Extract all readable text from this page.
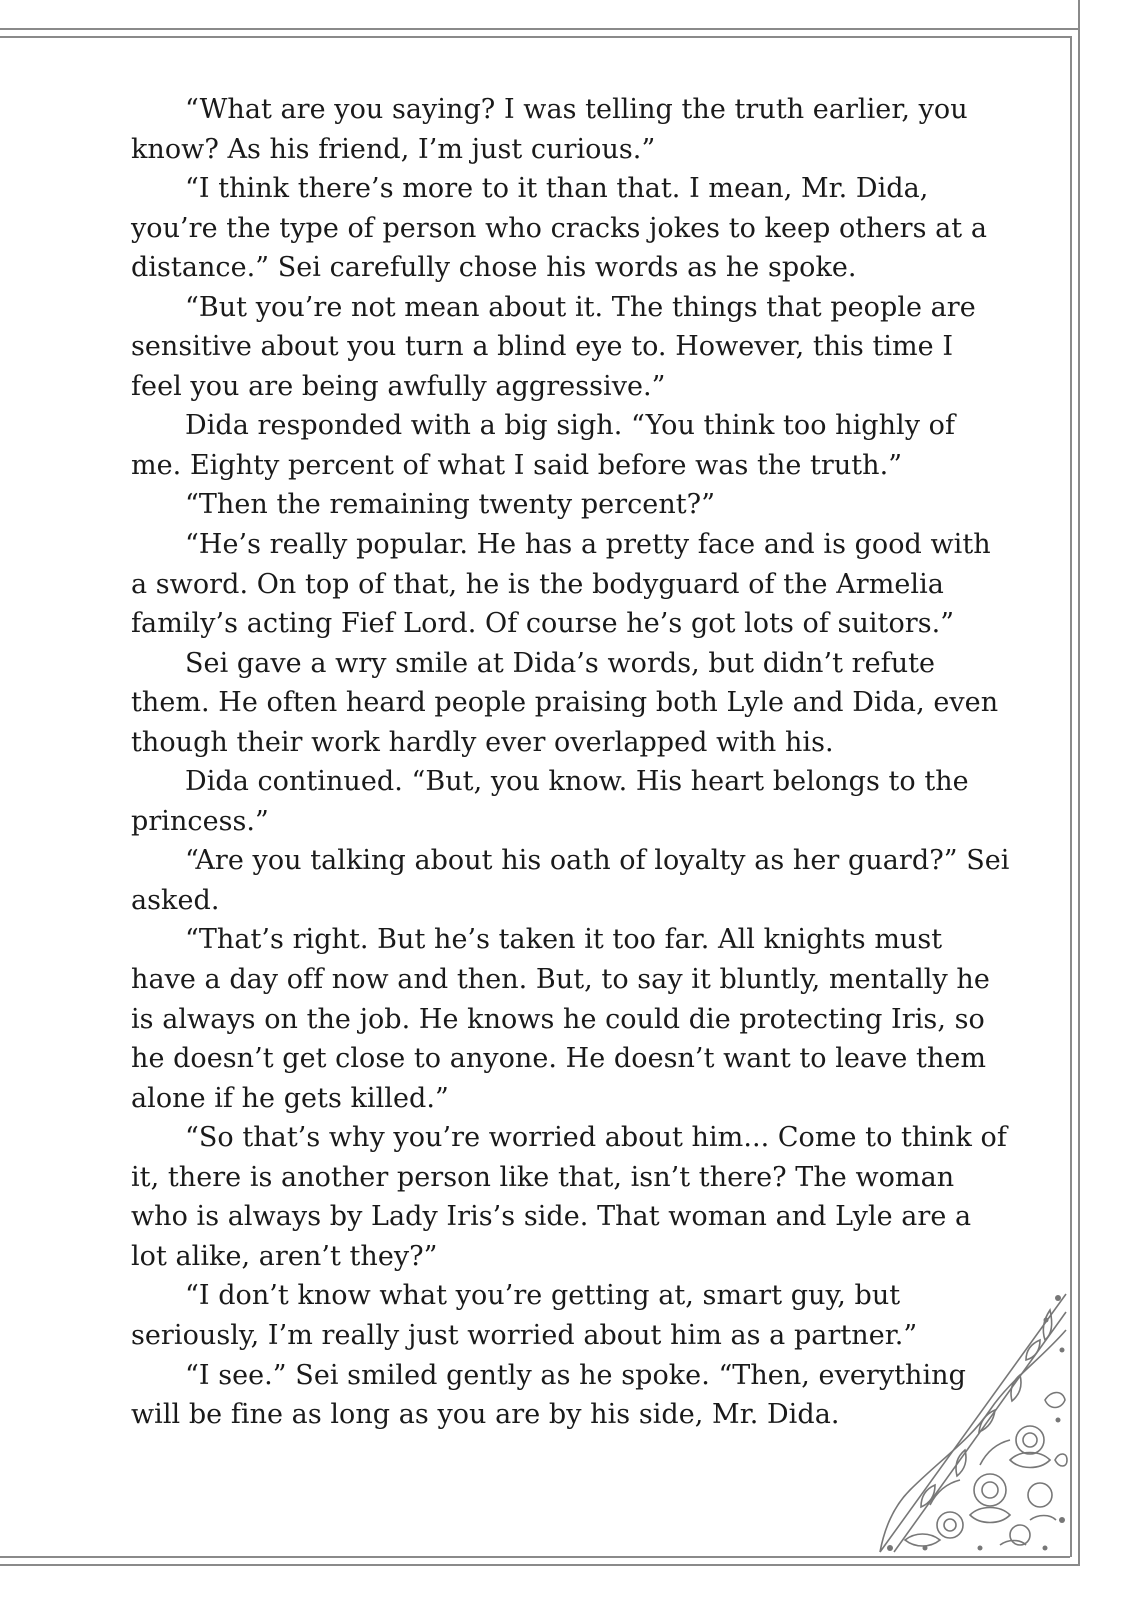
“What are you saying? I was telling the truth earlier, you know? As his friend, I’m just curious.”

“I think there’s more to it than that. I mean, Mr. Dida, you’re the type of person who cracks jokes to keep others at a distance.” Sei carefully chose his words as he spoke.

“But you’re not mean about it. The things that people are sensitive about you turn a blind eye to. However, this time I feel you are being awfully aggressive.”

Dida responded with a big sigh. “You think too highly of me. Eighty percent of what I said before was the truth.”

“Then the remaining twenty percent?”

“He’s really popular. He has a pretty face and is good with a sword. On top of that, he is the bodyguard of the Armelia family’s acting Fief Lord. Of course he’s got lots of suitors.”

Sei gave a wry smile at Dida’s words, but didn’t refute them. He often heard people praising both Lyle and Dida, even though their work hardly ever overlapped with his.

Dida continued. “But, you know. His heart belongs to the princess.”

“Are you talking about his oath of loyalty as her guard?” Sei asked.

“That’s right. But he’s taken it too far. All knights must have a day off now and then. But, to say it bluntly, mentally he is always on the job. He knows he could die protecting Iris, so he doesn’t get close to anyone. He doesn’t want to leave them alone if he gets killed.”

“So that’s why you’re worried about him... Come to think of it, there is another person like that, isn’t there? The woman who is always by Lady Iris’s side. That woman and Lyle are a lot alike, aren’t they?”

“I don’t know what you’re getting at, smart guy, but seriously, I’m really just worried about him as a partner.”

“I see.” Sei smiled gently as he spoke. “Then, everything will be fine as long as you are by his side, Mr. Dida.
